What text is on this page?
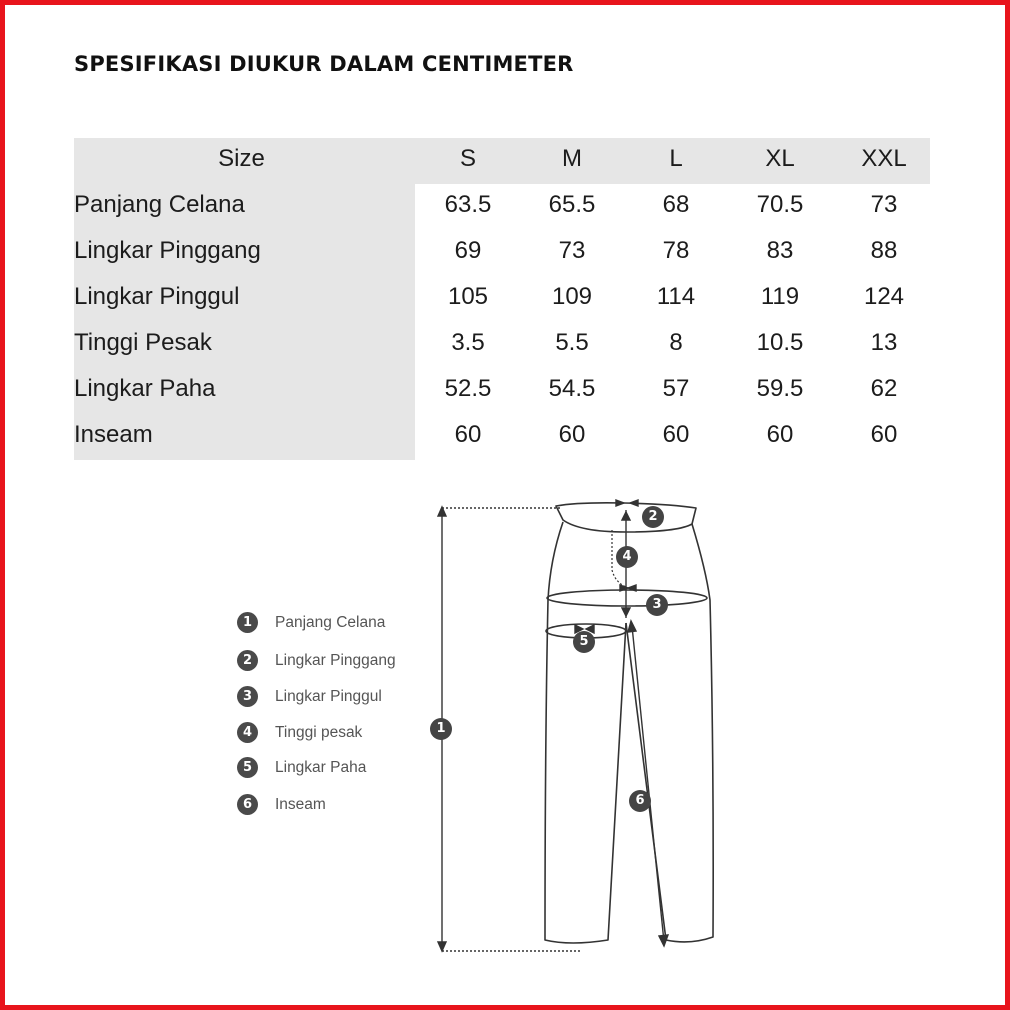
SPESIFIKASI DIUKUR DALAM CENTIMETER
Size	S	M	L	XL	XXL
Panjang Celana	63.5	65.5	68	70.5	73
Lingkar Pinggang	69	73	78	83	88
Lingkar Pinggul	105	109	114	119	124
Tinggi Pesak	3.5	5.5	8	10.5	13
Lingkar Paha	52.5	54.5	57	59.5	62
Inseam	60	60	60	60	60
1	Panjang Celana
2	Lingkar Pinggang
3	Lingkar Pinggul
4	Tinggi pesak
5	Lingkar Paha
6	Inseam
1
2
3
4
5
6
